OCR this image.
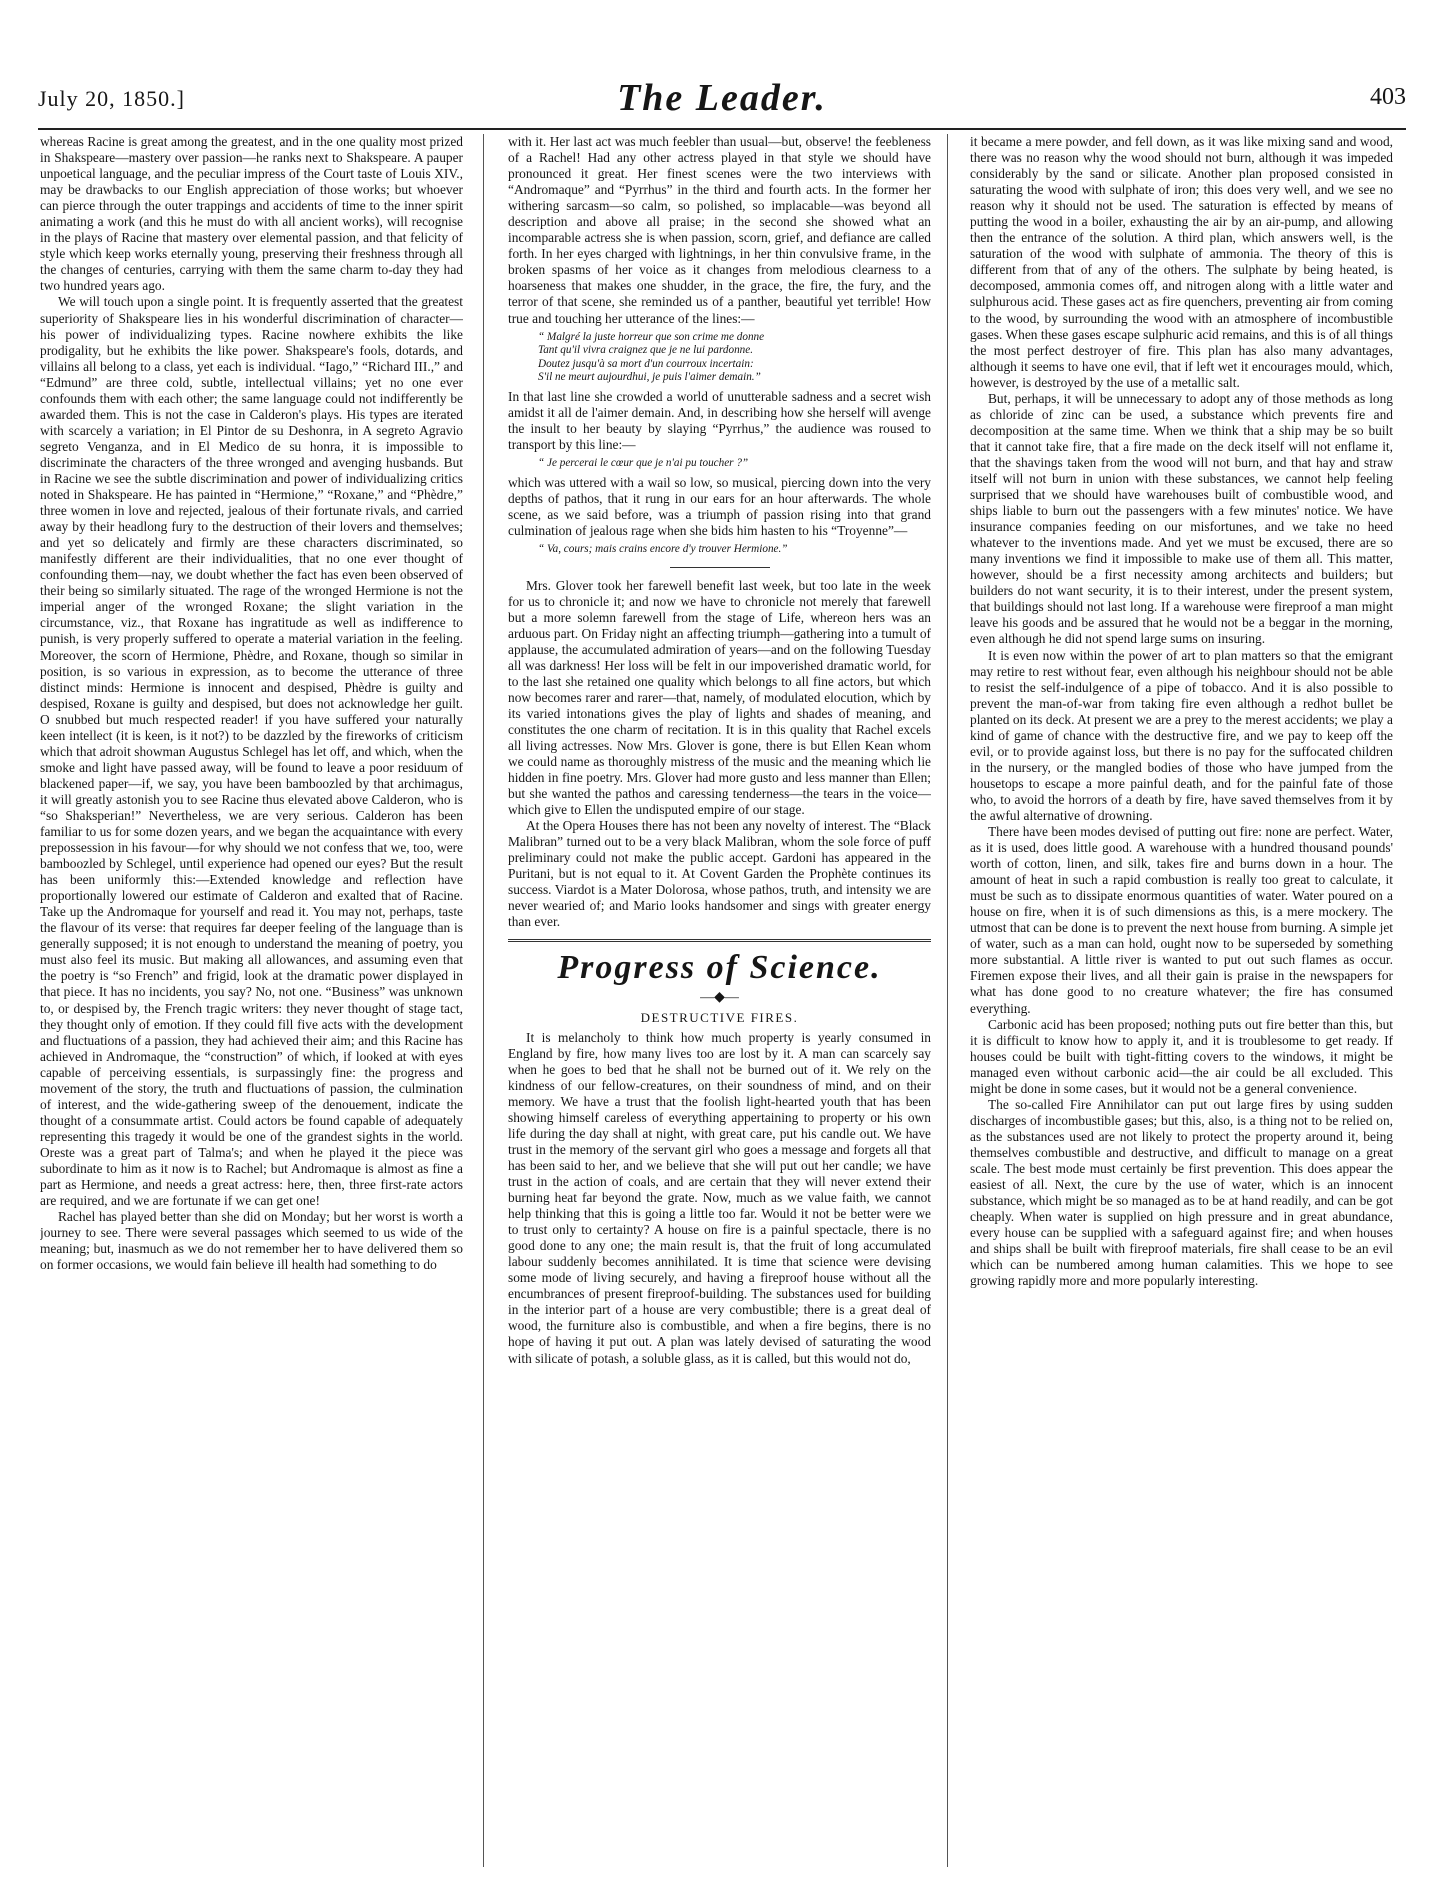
July 20, 1850.]	The Leader.	403

whereas Racine is great among the greatest, and in the one quality most prized in Shakspeare—mastery over passion—he ranks next to Shakspeare. A pauper unpoetical language, and the peculiar impress of the Court taste of Louis XIV., may be drawbacks to our English appreciation of those works; but whoever can pierce through the outer trappings and accidents of time to the inner spirit animating a work (and this he must do with all ancient works), will recognise in the plays of Racine that mastery over elemental passion, and that felicity of style which keep works eternally young, preserving their freshness through all the changes of centuries, carrying with them the same charm to-day they had two hundred years ago.

We will touch upon a single point. It is frequently asserted that the greatest superiority of Shakspeare lies in his wonderful discrimination of character—his power of individualizing types. Racine nowhere exhibits the like prodigality, but he exhibits the like power. Shakspeare's fools, dotards, and villains all belong to a class, yet each is individual. “Iago,” “Richard III.,” and “Edmund” are three cold, subtle, intellectual villains; yet no one ever confounds them with each other; the same language could not indifferently be awarded them. This is not the case in Calderon's plays. His types are iterated with scarcely a variation; in El Pintor de su Deshonra, in A segreto Agravio segreto Venganza, and in El Medico de su honra, it is impossible to discriminate the characters of the three wronged and avenging husbands. But in Racine we see the subtle discrimination and power of individualizing critics noted in Shakspeare. He has painted in “Hermione,” “Roxane,” and “Phèdre,” three women in love and rejected, jealous of their fortunate rivals, and carried away by their headlong fury to the destruction of their lovers and themselves; and yet so delicately and firmly are these characters discriminated, so manifestly different are their individualities, that no one ever thought of confounding them—nay, we doubt whether the fact has even been observed of their being so similarly situated. The rage of the wronged Hermione is not the imperial anger of the wronged Roxane; the slight variation in the circumstance, viz., that Roxane has ingratitude as well as indifference to punish, is very properly suffered to operate a material variation in the feeling. Moreover, the scorn of Hermione, Phèdre, and Roxane, though so similar in position, is so various in expression, as to become the utterance of three distinct minds: Hermione is innocent and despised, Phèdre is guilty and despised, Roxane is guilty and despised, but does not acknowledge her guilt. O snubbed but much respected reader! if you have suffered your naturally keen intellect (it is keen, is it not?) to be dazzled by the fireworks of criticism which that adroit showman Augustus Schlegel has let off, and which, when the smoke and light have passed away, will be found to leave a poor residuum of blackened paper—if, we say, you have been bamboozled by that archimagus, it will greatly astonish you to see Racine thus elevated above Calderon, who is “so Shaksperian!” Nevertheless, we are very serious. Calderon has been familiar to us for some dozen years, and we began the acquaintance with every prepossession in his favour—for why should we not confess that we, too, were bamboozled by Schlegel, until experience had opened our eyes? But the result has been uniformly this:—Extended knowledge and reflection have proportionally lowered our estimate of Calderon and exalted that of Racine. Take up the Andromaque for yourself and read it. You may not, perhaps, taste the flavour of its verse: that requires far deeper feeling of the language than is generally supposed; it is not enough to understand the meaning of poetry, you must also feel its music. But making all allowances, and assuming even that the poetry is “so French” and frigid, look at the dramatic power displayed in that piece. It has no incidents, you say? No, not one. “Business” was unknown to, or despised by, the French tragic writers: they never thought of stage tact, they thought only of emotion. If they could fill five acts with the development and fluctuations of a passion, they had achieved their aim; and this Racine has achieved in Andromaque, the “construction” of which, if looked at with eyes capable of perceiving essentials, is surpassingly fine: the progress and movement of the story, the truth and fluctuations of passion, the culmination of interest, and the wide-gathering sweep of the denouement, indicate the thought of a consummate artist. Could actors be found capable of adequately representing this tragedy it would be one of the grandest sights in the world. Oreste was a great part of Talma's; and when he played it the piece was subordinate to him as it now is to Rachel; but Andromaque is almost as fine a part as Hermione, and needs a great actress: here, then, three first-rate actors are required, and we are fortunate if we can get one!

Rachel has played better than she did on Monday; but her worst is worth a journey to see. There were several passages which seemed to us wide of the meaning; but, inasmuch as we do not remember her to have delivered them so on former occasions, we would fain believe ill health had something to do

with it. Her last act was much feebler than usual—but, observe! the feebleness of a Rachel! Had any other actress played in that style we should have pronounced it great. Her finest scenes were the two interviews with “Andromaque” and “Pyrrhus” in the third and fourth acts. In the former her withering sarcasm—so calm, so polished, so implacable—was beyond all description and above all praise; in the second she showed what an incomparable actress she is when passion, scorn, grief, and defiance are called forth. In her eyes charged with lightnings, in her thin convulsive frame, in the broken spasms of her voice as it changes from melodious clearness to a hoarseness that makes one shudder, in the grace, the fire, the fury, and the terror of that scene, she reminded us of a panther, beautiful yet terrible! How true and touching her utterance of the lines:—

“ Malgré la juste horreur que son crime me donne
Tant qu'il vivra craignez que je ne lui pardonne.
Doutez jusqu'à sa mort d'un courroux incertain:
S'il ne meurt aujourdhui, je puis l'aimer demain.”

In that last line she crowded a world of unutterable sadness and a secret wish amidst it all de l'aimer demain. And, in describing how she herself will avenge the insult to her beauty by slaying “Pyrrhus,” the audience was roused to transport by this line:—

“ Je percerai le cœur que je n'ai pu toucher ?”

which was uttered with a wail so low, so musical, piercing down into the very depths of pathos, that it rung in our ears for an hour afterwards. The whole scene, as we said before, was a triumph of passion rising into that grand culmination of jealous rage when she bids him hasten to his “Troyenne”—

“ Va, cours; mais crains encore d'y trouver Hermione.”

Mrs. Glover took her farewell benefit last week, but too late in the week for us to chronicle it; and now we have to chronicle not merely that farewell but a more solemn farewell from the stage of Life, whereon hers was an arduous part. On Friday night an affecting triumph—gathering into a tumult of applause, the accumulated admiration of years—and on the following Tuesday all was darkness! Her loss will be felt in our impoverished dramatic world, for to the last she retained one quality which belongs to all fine actors, but which now becomes rarer and rarer—that, namely, of modulated elocution, which by its varied intonations gives the play of lights and shades of meaning, and constitutes the one charm of recitation. It is in this quality that Rachel excels all living actresses. Now Mrs. Glover is gone, there is but Ellen Kean whom we could name as thoroughly mistress of the music and the meaning which lie hidden in fine poetry. Mrs. Glover had more gusto and less manner than Ellen; but she wanted the pathos and caressing tenderness—the tears in the voice—which give to Ellen the undisputed empire of our stage.

At the Opera Houses there has not been any novelty of interest. The “Black Malibran” turned out to be a very black Malibran, whom the sole force of puff preliminary could not make the public accept. Gardoni has appeared in the Puritani, but is not equal to it. At Covent Garden the Prophète continues its success. Viardot is a Mater Dolorosa, whose pathos, truth, and intensity we are never wearied of; and Mario looks handsomer and sings with greater energy than ever.

Progress of Science.
—◆—
DESTRUCTIVE FIRES.

It is melancholy to think how much property is yearly consumed in England by fire, how many lives too are lost by it. A man can scarcely say when he goes to bed that he shall not be burned out of it. We rely on the kindness of our fellow-creatures, on their soundness of mind, and on their memory. We have a trust that the foolish light-hearted youth that has been showing himself careless of everything appertaining to property or his own life during the day shall at night, with great care, put his candle out. We have trust in the memory of the servant girl who goes a message and forgets all that has been said to her, and we believe that she will put out her candle; we have trust in the action of coals, and are certain that they will never extend their burning heat far beyond the grate. Now, much as we value faith, we cannot help thinking that this is going a little too far. Would it not be better were we to trust only to certainty? A house on fire is a painful spectacle, there is no good done to any one; the main result is, that the fruit of long accumulated labour suddenly becomes annihilated. It is time that science were devising some mode of living securely, and having a fireproof house without all the encumbrances of present fireproof-building. The substances used for building in the interior part of a house are very combustible; there is a great deal of wood, the furniture also is combustible, and when a fire begins, there is no hope of having it put out. A plan was lately devised of saturating the wood with silicate of potash, a soluble glass, as it is called, but this would not do,

it became a mere powder, and fell down, as it was like mixing sand and wood, there was no reason why the wood should not burn, although it was impeded considerably by the sand or silicate. Another plan proposed consisted in saturating the wood with sulphate of iron; this does very well, and we see no reason why it should not be used. The saturation is effected by means of putting the wood in a boiler, exhausting the air by an air-pump, and allowing then the entrance of the solution. A third plan, which answers well, is the saturation of the wood with sulphate of ammonia. The theory of this is different from that of any of the others. The sulphate by being heated, is decomposed, ammonia comes off, and nitrogen along with a little water and sulphurous acid. These gases act as fire quenchers, preventing air from coming to the wood, by surrounding the wood with an atmosphere of incombustible gases. When these gases escape sulphuric acid remains, and this is of all things the most perfect destroyer of fire. This plan has also many advantages, although it seems to have one evil, that if left wet it encourages mould, which, however, is destroyed by the use of a metallic salt.

But, perhaps, it will be unnecessary to adopt any of those methods as long as chloride of zinc can be used, a substance which prevents fire and decomposition at the same time. When we think that a ship may be so built that it cannot take fire, that a fire made on the deck itself will not enflame it, that the shavings taken from the wood will not burn, and that hay and straw itself will not burn in union with these substances, we cannot help feeling surprised that we should have warehouses built of combustible wood, and ships liable to burn out the passengers with a few minutes' notice. We have insurance companies feeding on our misfortunes, and we take no heed whatever to the inventions made. And yet we must be excused, there are so many inventions we find it impossible to make use of them all. This matter, however, should be a first necessity among architects and builders; but builders do not want security, it is to their interest, under the present system, that buildings should not last long. If a warehouse were fireproof a man might leave his goods and be assured that he would not be a beggar in the morning, even although he did not spend large sums on insuring.

It is even now within the power of art to plan matters so that the emigrant may retire to rest without fear, even although his neighbour should not be able to resist the self-indulgence of a pipe of tobacco. And it is also possible to prevent the man-of-war from taking fire even although a redhot bullet be planted on its deck. At present we are a prey to the merest accidents; we play a kind of game of chance with the destructive fire, and we pay to keep off the evil, or to provide against loss, but there is no pay for the suffocated children in the nursery, or the mangled bodies of those who have jumped from the housetops to escape a more painful death, and for the painful fate of those who, to avoid the horrors of a death by fire, have saved themselves from it by the awful alternative of drowning.

There have been modes devised of putting out fire: none are perfect. Water, as it is used, does little good. A warehouse with a hundred thousand pounds' worth of cotton, linen, and silk, takes fire and burns down in a hour. The amount of heat in such a rapid combustion is really too great to calculate, it must be such as to dissipate enormous quantities of water. Water poured on a house on fire, when it is of such dimensions as this, is a mere mockery. The utmost that can be done is to prevent the next house from burning. A simple jet of water, such as a man can hold, ought now to be superseded by something more substantial. A little river is wanted to put out such flames as occur. Firemen expose their lives, and all their gain is praise in the newspapers for what has done good to no creature whatever; the fire has consumed everything.

Carbonic acid has been proposed; nothing puts out fire better than this, but it is difficult to know how to apply it, and it is troublesome to get ready. If houses could be built with tight-fitting covers to the windows, it might be managed even without carbonic acid—the air could be all excluded. This might be done in some cases, but it would not be a general convenience.

The so-called Fire Annihilator can put out large fires by using sudden discharges of incombustible gases; but this, also, is a thing not to be relied on, as the substances used are not likely to protect the property around it, being themselves combustible and destructive, and difficult to manage on a great scale. The best mode must certainly be first prevention. This does appear the easiest of all. Next, the cure by the use of water, which is an innocent substance, which might be so managed as to be at hand readily, and can be got cheaply. When water is supplied on high pressure and in great abundance, every house can be supplied with a safeguard against fire; and when houses and ships shall be built with fireproof materials, fire shall cease to be an evil which can be numbered among human calamities. This we hope to see growing rapidly more and more popularly interesting.
